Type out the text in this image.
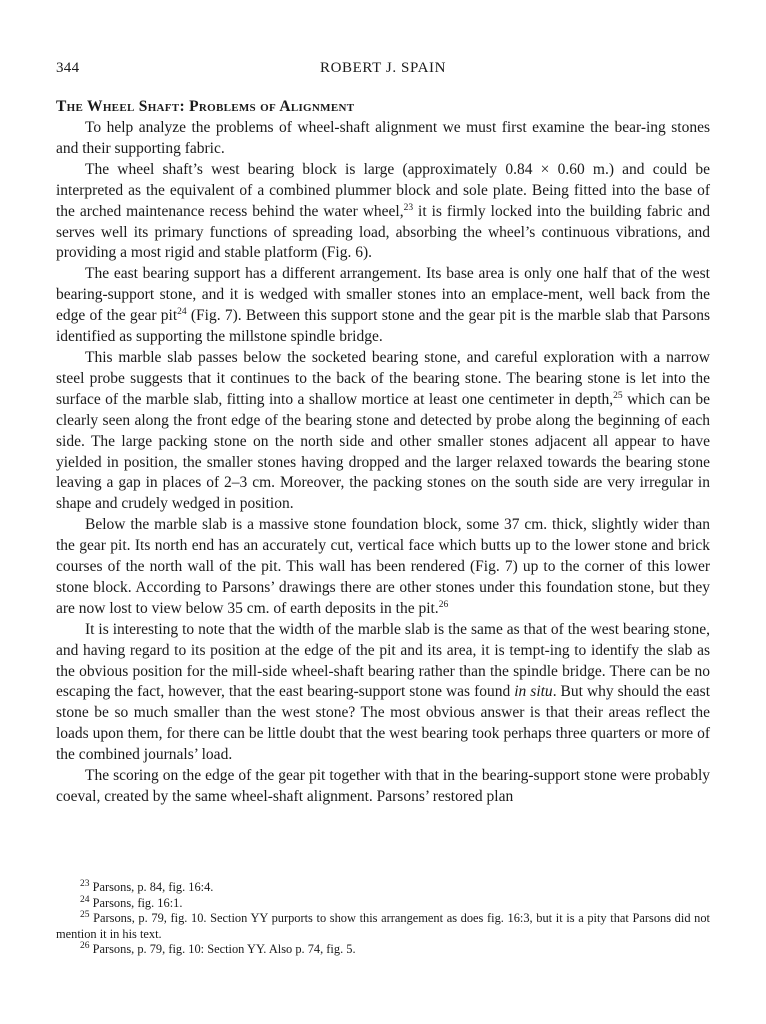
344	ROBERT J. SPAIN
The Wheel Shaft: Problems of Alignment

To help analyze the problems of wheel-shaft alignment we must first examine the bear-ing stones and their supporting fabric.

The wheel shaft’s west bearing block is large (approximately 0.84 × 0.60 m.) and could be interpreted as the equivalent of a combined plummer block and sole plate. Being fitted into the base of the arched maintenance recess behind the water wheel,$^{23}$ it is firmly locked into the building fabric and serves well its primary functions of spreading load, absorbing the wheel’s continuous vibrations, and providing a most rigid and stable platform (Fig. 6).

The east bearing support has a different arrangement. Its base area is only one half that of the west bearing-support stone, and it is wedged with smaller stones into an emplace-ment, well back from the edge of the gear pit$^{24}$ (Fig. 7). Between this support stone and the gear pit is the marble slab that Parsons identified as supporting the millstone spindle bridge.

This marble slab passes below the socketed bearing stone, and careful exploration with a narrow steel probe suggests that it continues to the back of the bearing stone. The bearing stone is let into the surface of the marble slab, fitting into a shallow mortice at least one centimeter in depth,$^{25}$ which can be clearly seen along the front edge of the bearing stone and detected by probe along the beginning of each side. The large packing stone on the north side and other smaller stones adjacent all appear to have yielded in position, the smaller stones having dropped and the larger relaxed towards the bearing stone leaving a gap in places of 2–3 cm. Moreover, the packing stones on the south side are very irregular in shape and crudely wedged in position.

Below the marble slab is a massive stone foundation block, some 37 cm. thick, slightly wider than the gear pit. Its north end has an accurately cut, vertical face which butts up to the lower stone and brick courses of the north wall of the pit. This wall has been rendered (Fig. 7) up to the corner of this lower stone block. According to Parsons’ drawings there are other stones under this foundation stone, but they are now lost to view below 35 cm. of earth deposits in the pit.$^{26}$

It is interesting to note that the width of the marble slab is the same as that of the west bearing stone, and having regard to its position at the edge of the pit and its area, it is tempt-ing to identify the slab as the obvious position for the mill-side wheel-shaft bearing rather than the spindle bridge. There can be no escaping the fact, however, that the east bearing-support stone was found in situ. But why should the east stone be so much smaller than the west stone? The most obvious answer is that their areas reflect the loads upon them, for there can be little doubt that the west bearing took perhaps three quarters or more of the combined journals’ load.

The scoring on the edge of the gear pit together with that in the bearing-support stone were probably coeval, created by the same wheel-shaft alignment. Parsons’ restored plan

$^{23}$ Parsons, p. 84, fig. 16:4.

$^{24}$ Parsons, fig. 16:1.

$^{25}$ Parsons, p. 79, fig. 10. Section YY purports to show this arrangement as does fig. 16:3, but it is a pity that Parsons did not mention it in his text.

$^{26}$ Parsons, p. 79, fig. 10: Section YY. Also p. 74, fig. 5.
